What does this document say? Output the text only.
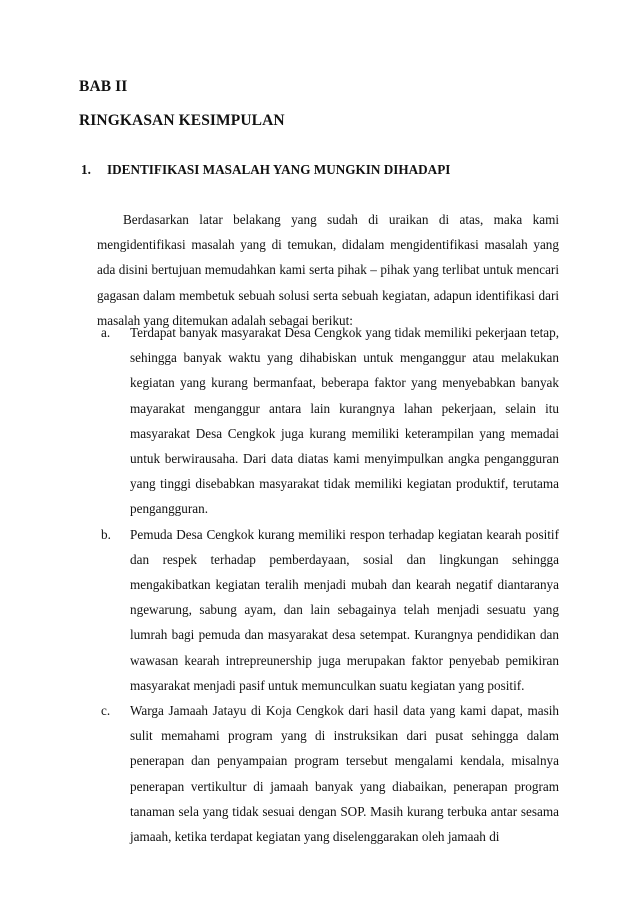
BAB II
RINGKASAN KESIMPULAN
1. IDENTIFIKASI MASALAH YANG MUNGKIN DIHADAPI
Berdasarkan latar belakang yang sudah di uraikan di atas, maka kami mengidentifikasi masalah yang di temukan, didalam mengidentifikasi masalah yang ada disini bertujuan memudahkan kami serta pihak – pihak yang terlibat untuk mencari gagasan dalam membetuk sebuah solusi serta sebuah kegiatan, adapun identifikasi dari masalah yang ditemukan adalah sebagai berikut:
a. Terdapat banyak masyarakat Desa Cengkok yang tidak memiliki pekerjaan tetap, sehingga banyak waktu yang dihabiskan untuk menganggur atau melakukan kegiatan yang kurang bermanfaat, beberapa faktor yang menyebabkan banyak mayarakat menganggur antara lain kurangnya lahan pekerjaan, selain itu masyarakat Desa Cengkok juga kurang memiliki keterampilan yang memadai untuk berwirausaha. Dari data diatas kami menyimpulkan angka pengangguran yang tinggi disebabkan masyarakat tidak memiliki kegiatan produktif, terutama pengangguran.
b. Pemuda Desa Cengkok kurang memiliki respon terhadap kegiatan kearah positif dan respek terhadap pemberdayaan, sosial dan lingkungan sehingga mengakibatkan kegiatan teralih menjadi mubah dan kearah negatif diantaranya ngewarung, sabung ayam, dan lain sebagainya telah menjadi sesuatu yang lumrah bagi pemuda dan masyarakat desa setempat. Kurangnya pendidikan dan wawasan kearah intrepreunership juga merupakan faktor penyebab pemikiran masyarakat menjadi pasif untuk memunculkan suatu kegiatan yang positif.
c. Warga Jamaah Jatayu di Koja Cengkok dari hasil data yang kami dapat, masih sulit memahami program yang di instruksikan dari pusat sehingga dalam penerapan dan penyampaian program tersebut mengalami kendala, misalnya penerapan vertikultur di jamaah banyak yang diabaikan, penerapan program tanaman sela yang tidak sesuai dengan SOP. Masih kurang terbuka antar sesama jamaah, ketika terdapat kegiatan yang diselenggarakan oleh jamaah di
